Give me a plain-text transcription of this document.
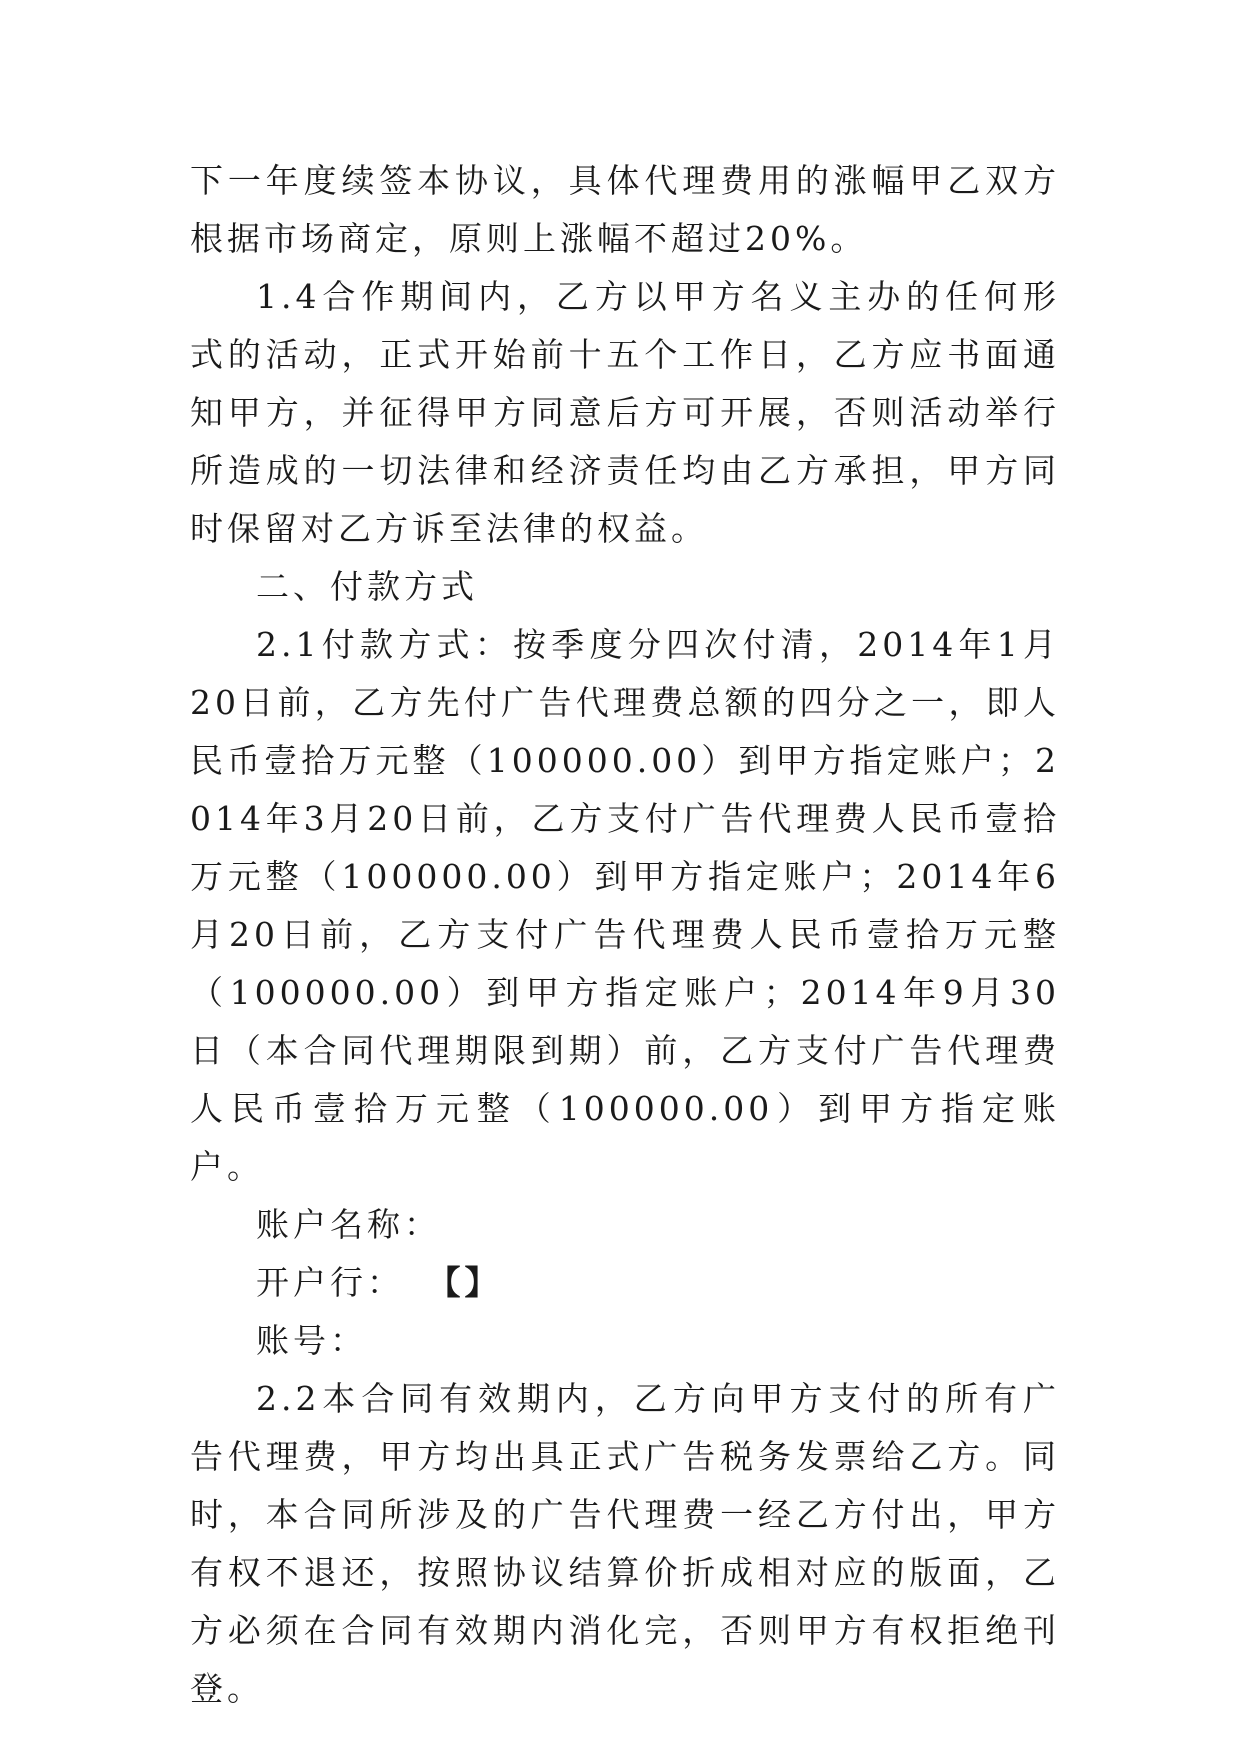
下一年度续签本协议，具体代理费用的涨幅甲乙双方根据市场商定，原则上涨幅不超过20%。

1.4合作期间内，乙方以甲方名义主办的任何形式的活动，正式开始前十五个工作日，乙方应书面通知甲方，并征得甲方同意后方可开展，否则活动举行所造成的一切法律和经济责任均由乙方承担，甲方同时保留对乙方诉至法律的权益。

二、付款方式

2.1付款方式：按季度分四次付清，2014年1月20日前，乙方先付广告代理费总额的四分之一，即人民币壹拾万元整（100000.00）到甲方指定账户；2014年3月20日前，乙方支付广告代理费人民币壹拾万元整（100000.00）到甲方指定账户；2014年6月20日前，乙方支付广告代理费人民币壹拾万元整（100000.00）到甲方指定账户；2014年9月30日（本合同代理期限到期）前，乙方支付广告代理费人民币壹拾万元整（100000.00）到甲方指定账户。

账户名称：

开户行： 【】

账号：

2.2本合同有效期内，乙方向甲方支付的所有广告代理费，甲方均出具正式广告税务发票给乙方。同时，本合同所涉及的广告代理费一经乙方付出，甲方有权不退还，按照协议结算价折成相对应的版面，乙方必须在合同有效期内消化完，否则甲方有权拒绝刊登。
